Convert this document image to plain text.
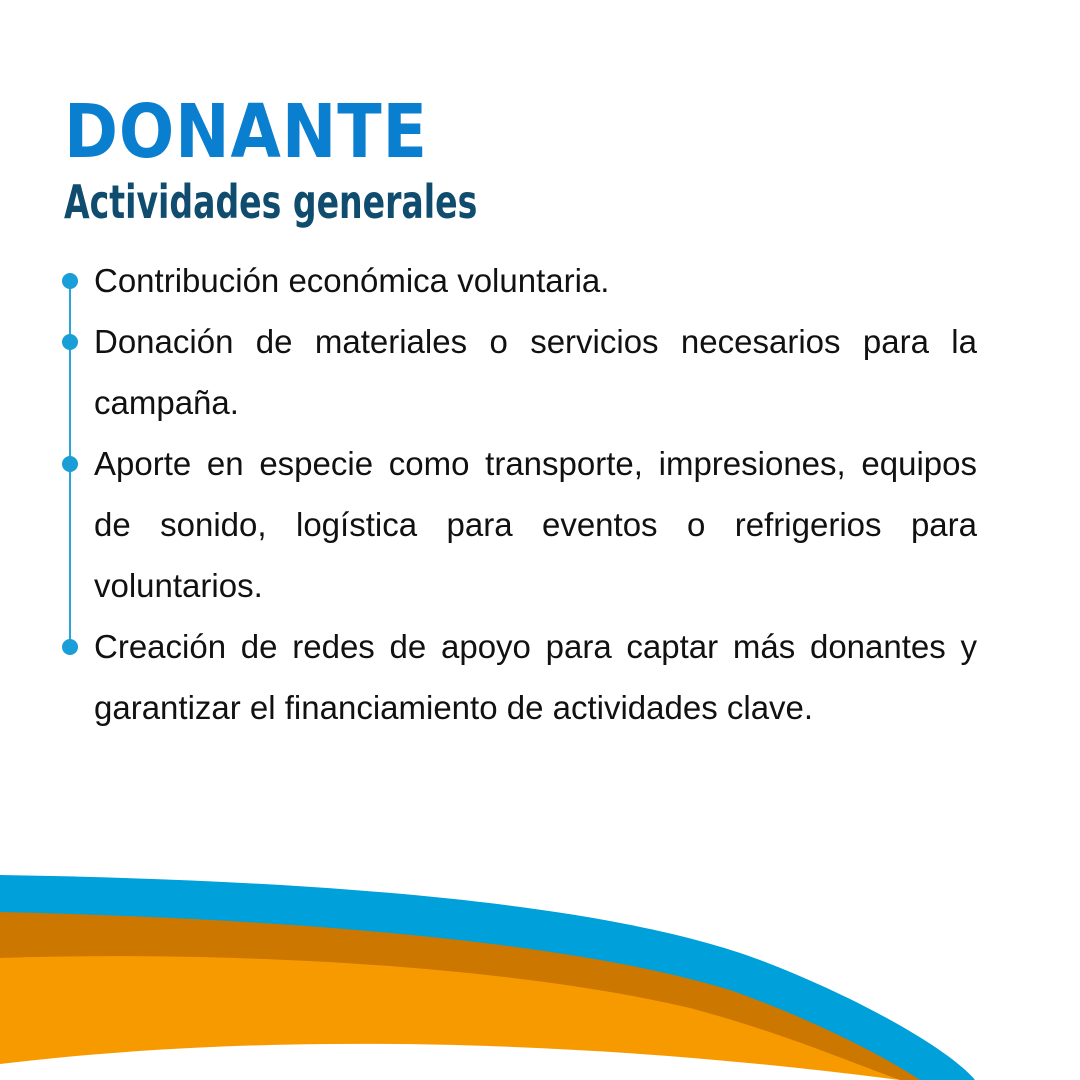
DONANTE
Actividades generales
Contribución económica voluntaria.
Donación de materiales o servicios necesarios para la campaña.
Aporte en especie como transporte, impresiones, equipos de sonido, logística para eventos o refrigerios para voluntarios.
Creación de redes de apoyo para captar más donantes y garantizar el financiamiento de actividades clave.
